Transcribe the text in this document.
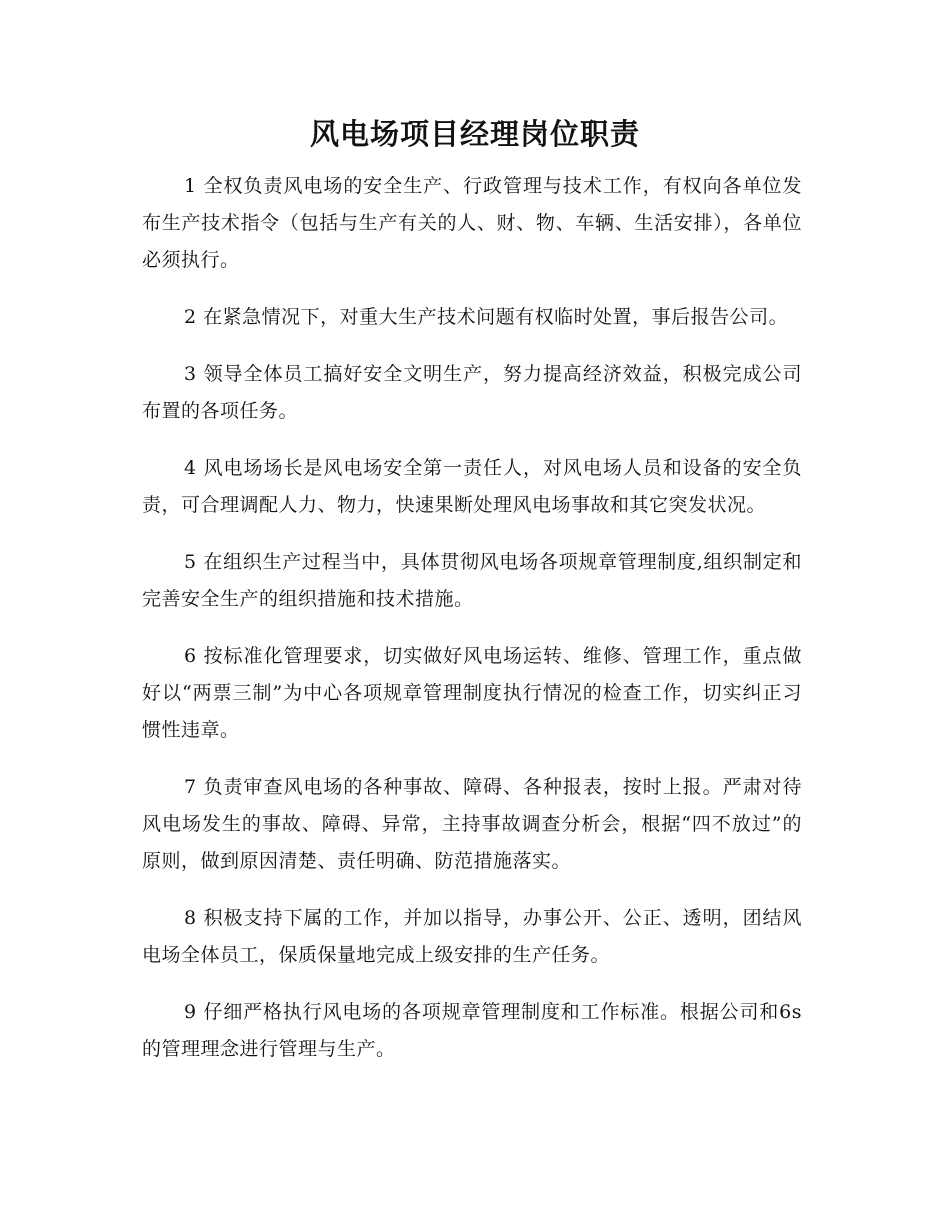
风电场项目经理岗位职责

1 全权负责风电场的安全生产、行政管理与技术工作，有权向各单位发布生产技术指令（包括与生产有关的人、财、物、车辆、生活安排），各单位必须执行。

2 在紧急情况下，对重大生产技术问题有权临时处置，事后报告公司。

3 领导全体员工搞好安全文明生产，努力提高经济效益，积极完成公司布置的各项任务。

4 风电场场长是风电场安全第一责任人，对风电场人员和设备的安全负责，可合理调配人力、物力，快速果断处理风电场事故和其它突发状况。

5 在组织生产过程当中，具体贯彻风电场各项规章管理制度,组织制定和完善安全生产的组织措施和技术措施。

6 按标准化管理要求，切实做好风电场运转、维修、管理工作，重点做好以“两票三制”为中心各项规章管理制度执行情况的检查工作，切实纠正习惯性违章。

7 负责审查风电场的各种事故、障碍、各种报表，按时上报。严肃对待风电场发生的事故、障碍、异常，主持事故调查分析会，根据“四不放过”的原则，做到原因清楚、责任明确、防范措施落实。

8 积极支持下属的工作，并加以指导，办事公开、公正、透明，团结风电场全体员工，保质保量地完成上级安排的生产任务。

9 仔细严格执行风电场的各项规章管理制度和工作标准。根据公司和6s的管理理念进行管理与生产。
